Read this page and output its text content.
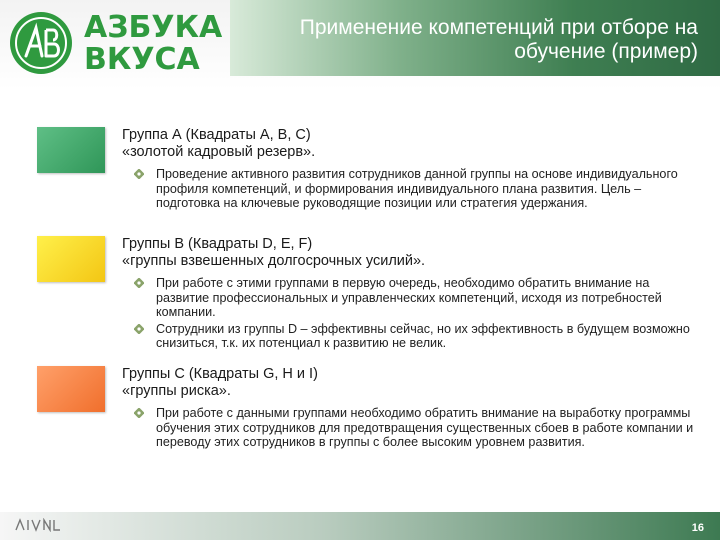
АЗБУКА
ВКУСА
Применение компетенций при отборе на обучение (пример)
Группа А (Квадраты А, В, С)
«золотой кадровый резерв».
Проведение активного развития сотрудников данной группы на основе индивидуального профиля компетенций, и формирования индивидуального плана развития. Цель – подготовка на ключевые руководящие позиции или стратегия удержания.
Группы В (Квадраты D, E, F)
«группы взвешенных долгосрочных усилий».
При работе с этими группами в первую очередь, необходимо обратить внимание на развитие профессиональных и управленческих компетенций, исходя из потребностей компании.
Сотрудники из группы D – эффективны сейчас, но их эффективность в будущем возможно снизиться, т.к. их потенциал к развитию не велик.
Группы С (Квадраты G, H и I)
«группы риска».
При работе с данными группами необходимо обратить внимание на выработку программы обучения этих сотрудников для предотвращения существенных сбоев в работе компании и переводу этих сотрудников в группы с более высоким уровнем развития.
16
